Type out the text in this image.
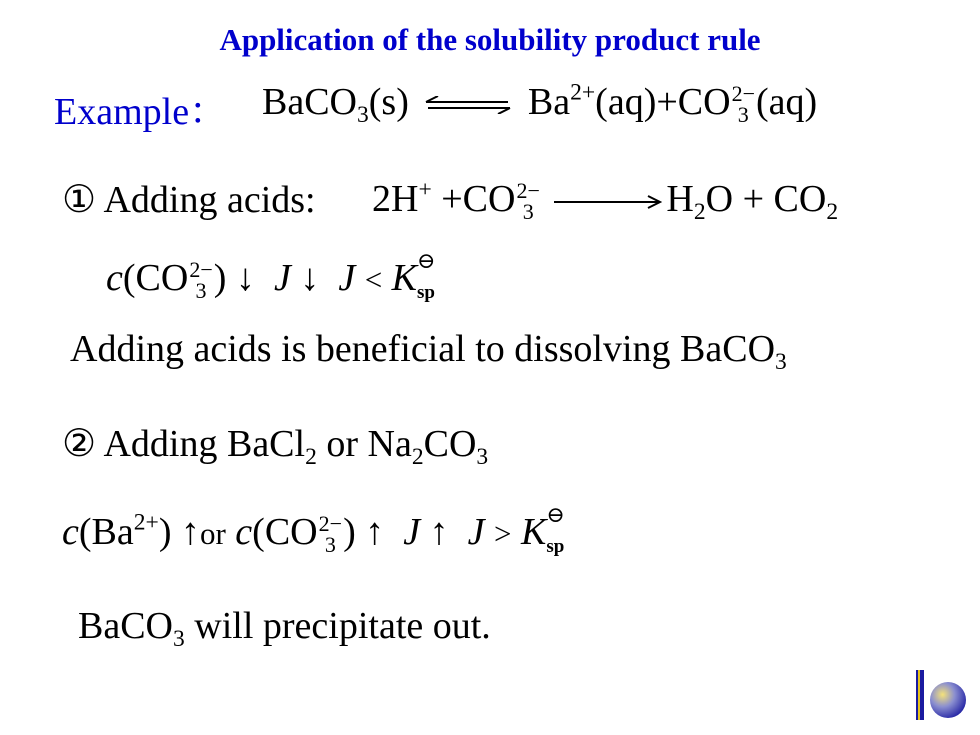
Application of the solubility product rule
Example： BaCO$_3$(s) ⇌ $Ba^{2+}(aq)+CO$ 2−
3 (aq)
① Adding acids: 2H+ +CO 2−
$3 \to H_2O + CO_2$
c(CO 2−
3 ) ↓ J ↓ J < K ⊖
sp
Adding acids is beneficial to dissolving BaCO$_3$
② Adding BaCl$_2$ or $Na_2CO_3$
$c(Ba^{2+})$ ↑or c(CO 2−
3 ) ↑ J ↑ J > K ⊖
sp
BaCO$_3$ will precipitate out.
